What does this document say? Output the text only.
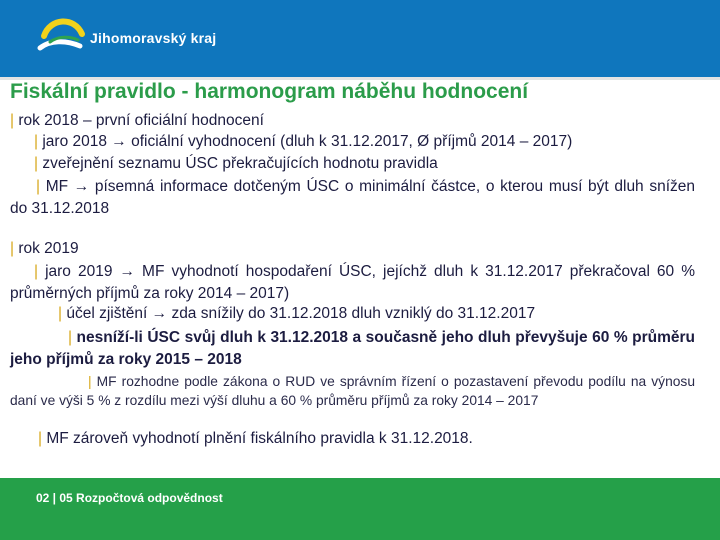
Jihomoravský kraj
Fiskální pravidlo - harmonogram náběhu hodnocení
| rok 2018 – první oficiální hodnocení
| jaro 2018 → oficiální vyhodnocení (dluh k 31.12.2017, Ø příjmů 2014 – 2017)
| zveřejnění seznamu ÚSC překračujících hodnotu pravidla
| MF → písemná informace dotčeným ÚSC o minimální částce, o kterou musí být dluh snížen do 31.12.2018
| rok 2019
| jaro 2019 → MF vyhodnotí hospodaření ÚSC, jejíchž dluh k 31.12.2017 překračoval 60 % průměrných příjmů za roky 2014 – 2017)
| účel zjištění → zda snížily do 31.12.2018 dluh vzniklý do 31.12.2017
| nesníží-li ÚSC svůj dluh k 31.12.2018 a současně jeho dluh převyšuje 60 % průměru jeho příjmů za roky 2015 – 2018
| MF rozhodne podle zákona o RUD ve správním řízení o pozastavení převodu podílu na výnosu daní ve výši 5 % z rozdílu mezi výší dluhu a 60 % průměru příjmů za roky 2014 – 2017
| MF zároveň vyhodnotí plnění fiskálního pravidla k 31.12.2018.
02 | 05 Rozpočtová odpovědnost
